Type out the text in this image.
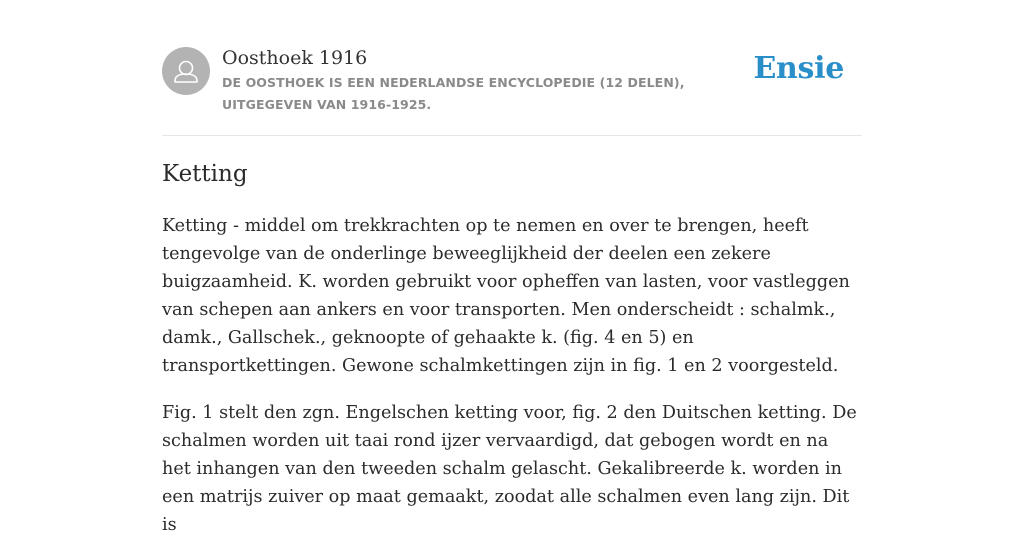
Oosthoek 1916
DE OOSTHOEK IS EEN NEDERLANDSE ENCYCLOPEDIE (12 DELEN), UITGEGEVEN VAN 1916-1925.
Ensie
Ketting

Ketting - middel om trekkrachten op te nemen en over te brengen, heeft tengevolge van de onderlinge beweeglijkheid der deelen een zekere buigzaamheid. K. worden gebruikt voor opheffen van lasten, voor vastleggen van schepen aan ankers en voor transporten. Men onderscheidt : schalmk., damk., Gallschek., geknoopte of gehaakte k. (fig. 4 en 5) en transportkettingen. Gewone schalmkettingen zijn in fig. 1 en 2 voorgesteld.

Fig. 1 stelt den zgn. Engelschen ketting voor, fig. 2 den Duitschen ketting. De schalmen worden uit taai rond ijzer vervaardigd, dat gebogen wordt en na het inhangen van den tweeden schalm gelascht. Gekalibreerde k. worden in een matrijs zuiver op maat gemaakt, zoodat alle schalmen even lang zijn. Dit is
